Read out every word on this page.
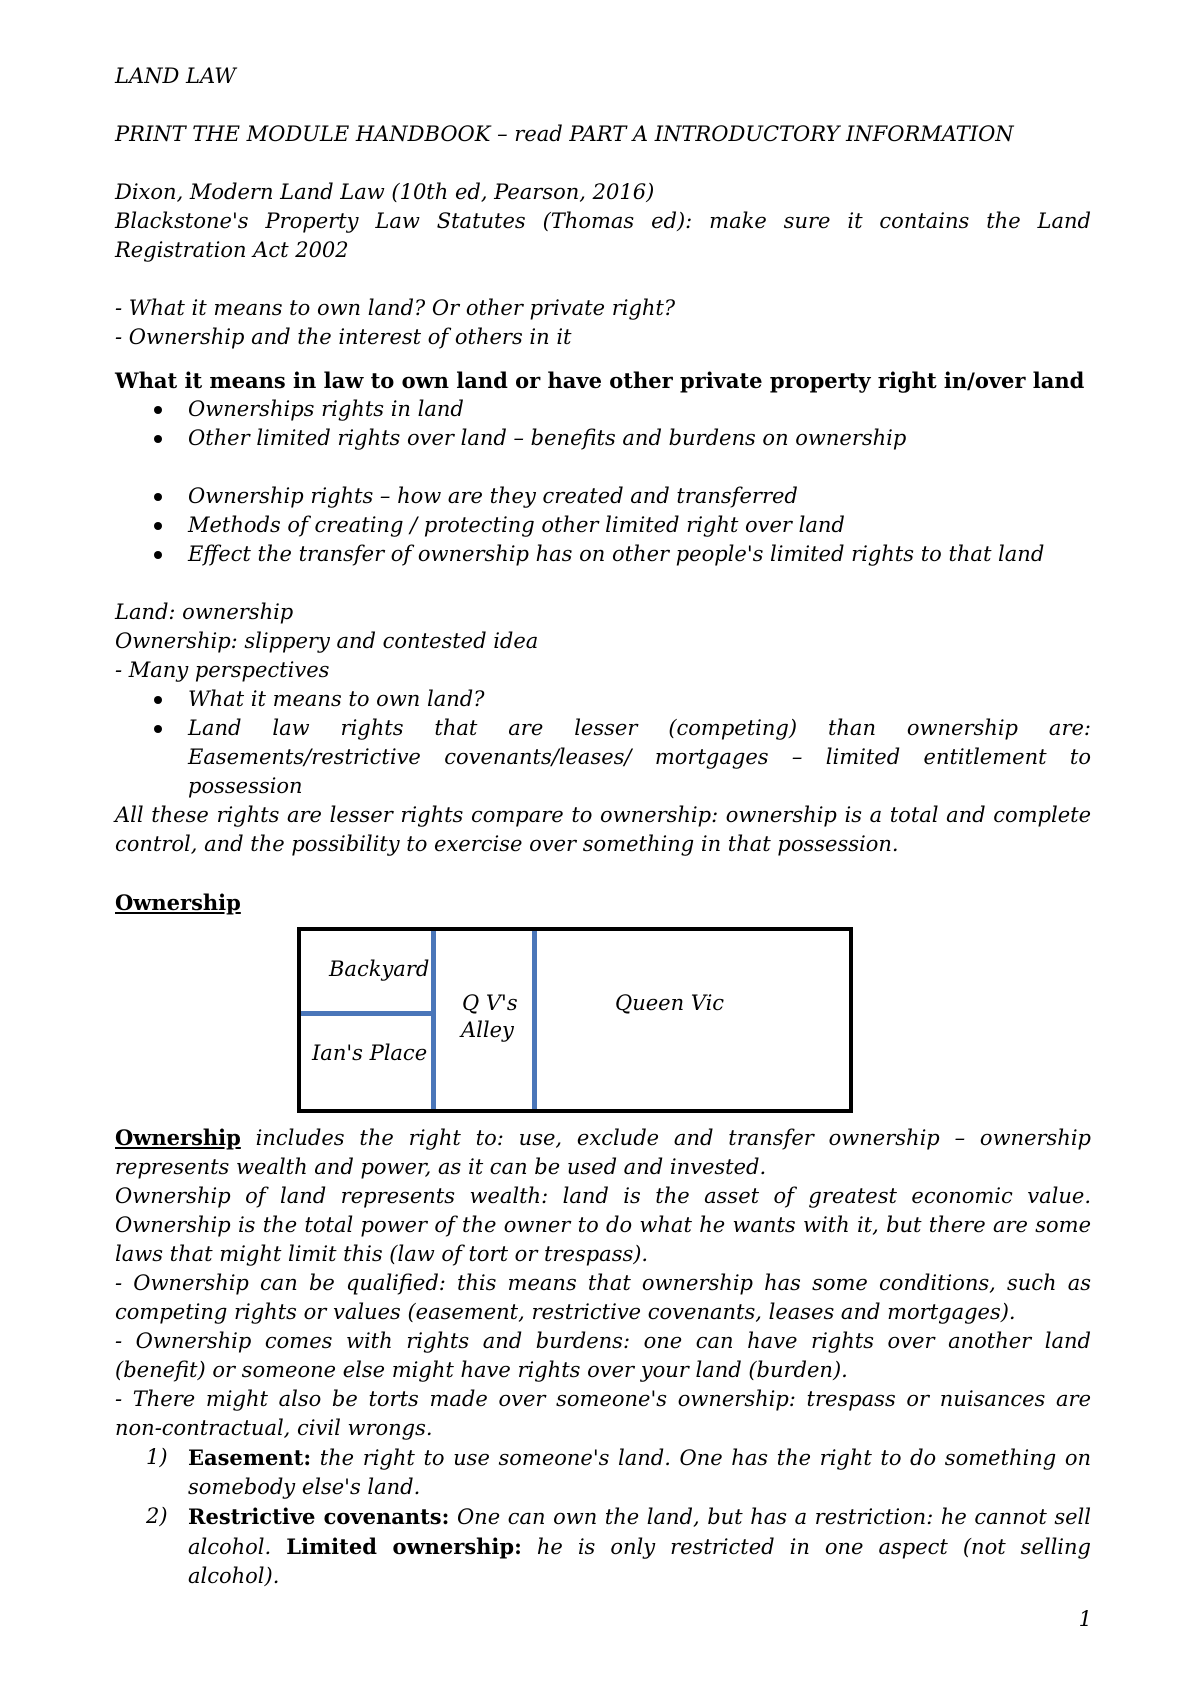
LAND LAW

PRINT THE MODULE HANDBOOK – read PART A INTRODUCTORY INFORMATION

Dixon, Modern Land Law (10th ed, Pearson, 2016)

Blackstone's Property Law Statutes (Thomas ed): make sure it contains the Land Registration Act 2002

- What it means to own land? Or other private right?

- Ownership and the interest of others in it

What it means in law to own land or have other private property right in/over land

Ownerships rights in land
Other limited rights over land – benefits and burdens on ownership
Ownership rights – how are they created and transferred
Methods of creating / protecting other limited right over land
Effect the transfer of ownership has on other people's limited rights to that land

Land: ownership

Ownership: slippery and contested idea

- Many perspectives

What it means to own land?
Land law rights that are lesser (competing) than ownership are: Easements/restrictive covenants/leases/ mortgages – limited entitlement to possession

All these rights are lesser rights compare to ownership: ownership is a total and complete control, and the possibility to exercise over something in that possession.

Ownership

Backyard
Ian's Place
Q V's
Alley
Queen Vic

Ownership includes the right to: use, exclude and transfer ownership – ownership represents wealth and power, as it can be used and invested.

Ownership of land represents wealth: land is the asset of greatest economic value. Ownership is the total power of the owner to do what he wants with it, but there are some laws that might limit this (law of tort or trespass).

- Ownership can be qualified: this means that ownership has some conditions, such as competing rights or values (easement, restrictive covenants, leases and mortgages).

- Ownership comes with rights and burdens: one can have rights over another land (benefit) or someone else might have rights over your land (burden).

- There might also be torts made over someone's ownership: trespass or nuisances are non-contractual, civil wrongs.

1) Easement: the right to use someone's land. One has the right to do something on somebody else's land.
2) Restrictive covenants: One can own the land, but has a restriction: he cannot sell alcohol. Limited ownership: he is only restricted in one aspect (not selling alcohol).
1
